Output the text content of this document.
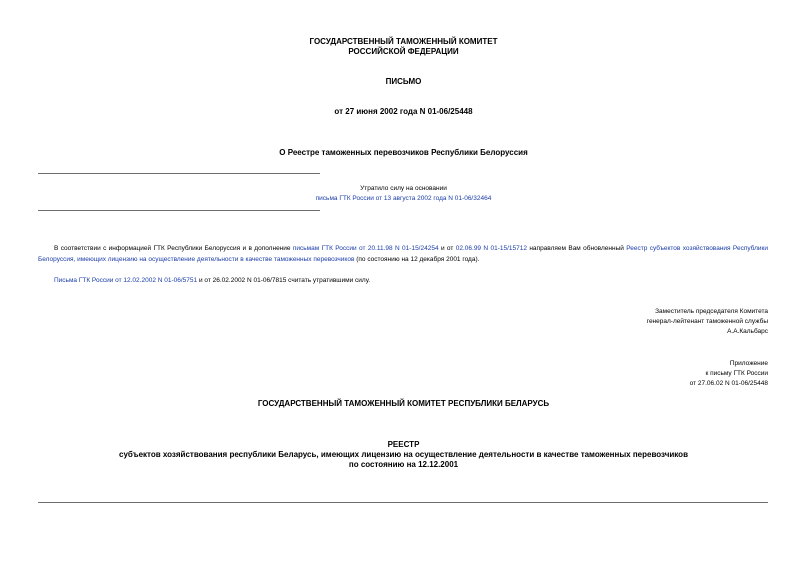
ГОСУДАРСТВЕННЫЙ ТАМОЖЕННЫЙ КОМИТЕТ
РОССИЙСКОЙ ФЕДЕРАЦИИ
ПИСЬМО
от 27 июня 2002 года N 01-06/25448
О Реестре таможенных перевозчиков Республики Белоруссия
Утратило силу на основании
письма ГТК России от 13 августа 2002 года N 01-06/32464
В соответствии с информацией ГТК Республики Белоруссия и в дополнение письмам ГТК России от 20.11.98 N 01-15/24254 и от 02.06.99 N 01-15/15712 направляем Вам обновленный Реестр субъектов хозяйствования Республики Белоруссия, имеющих лицензию на осуществление деятельности в качестве таможенных перевозчиков (по состоянию на 12 декабря 2001 года).
Письма ГТК России от 12.02.2002 N 01-06/5751 и от 26.02.2002 N 01-06/7815 считать утратившими силу.
Заместитель председателя Комитета
генерал-лейтенант таможенной службы
А.А.Кальбарс
Приложение
к письму ГТК России
от 27.06.02 N 01-06/25448
ГОСУДАРСТВЕННЫЙ ТАМОЖЕННЫЙ КОМИТЕТ РЕСПУБЛИКИ БЕЛАРУСЬ
РЕЕСТР
субъектов хозяйствования республики Беларусь, имеющих лицензию на осуществление деятельности в качестве таможенных перевозчиков
по состоянию на 12.12.2001
